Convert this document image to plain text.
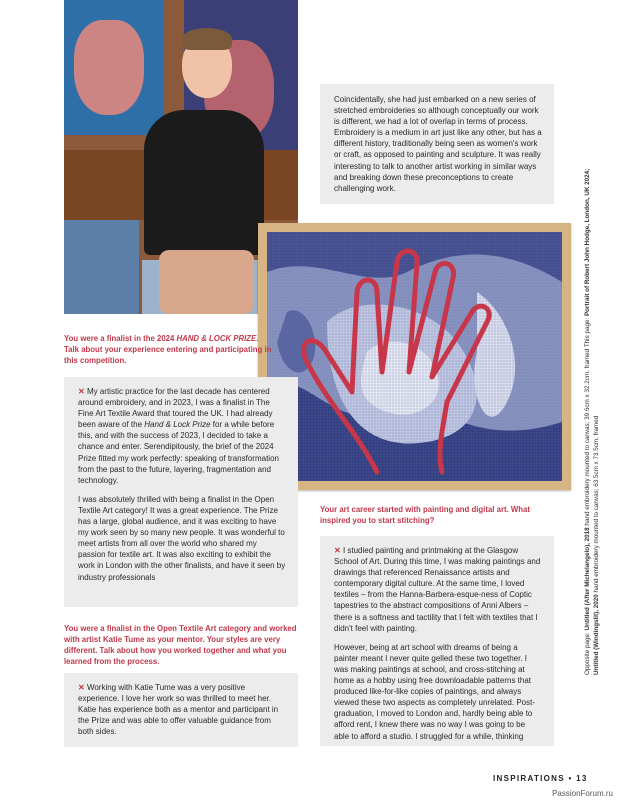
Coincidentally, she had just embarked on a new series of stretched embroideries so although conceptually our work is different, we had a lot of overlap in terms of process. Embroidery is a medium in art just like any other, but has a different history, traditionally being seen as women's work or craft, as opposed to painting and sculpture. It was really interesting to talk to another artist working in similar ways and breaking down these preconceptions to create challenging work.
You were a finalist in the 2024 HAND & LOCK PRIZE. Talk about your experience entering and participating in this competition.

✕ My artistic practice for the last decade has centered around embroidery, and in 2023, I was a finalist in The Fine Art Textile Award that toured the UK. I had already been aware of the Hand & Lock Prize for a while before this, and with the success of 2023, I decided to take a chance and enter. Serendipitously, the brief of the 2024 Prize fitted my work perfectly: speaking of transformation from the past to the future, layering, fragmentation and technology.

I was absolutely thrilled with being a finalist in the Open Textile Art category! It was a great experience. The Prize has a large, global audience, and it was exciting to have my work seen by so many new people. It was wonderful to meet artists from all over the world who shared my passion for textile art. It was also exciting to exhibit the work in London with the other finalists, and have it seen by industry professionals

You were a finalist in the Open Textile Art category and worked with artist Katie Tume as your mentor. Your styles are very different. Talk about how you worked together and what you learned from the process.

✕ Working with Katie Tume was a very positive experience. I love her work so was thrilled to meet her. Katie has experience both as a mentor and participant in the Prize and was able to offer valuable guidance from both sides.

Your art career started with painting and digital art. What inspired you to start stitching?

✕ I studied painting and printmaking at the Glasgow School of Art. During this time, I was making paintings and drawings that referenced Renaissance artists and contemporary digital culture. At the same time, I loved textiles – from the Hanna-Barbera-esque-ness of Coptic tapestries to the abstract compositions of Anni Albers – there is a softness and tactility that I felt with textiles that I didn't feel with painting.

However, being at art school with dreams of being a painter meant I never quite gelled these two together. I was making paintings at school, and cross-stitching at home as a hobby using free downloadable patterns that produced like-for-like copies of paintings, and always viewed these two aspects as completely unrelated. Post-graduation, I moved to London and, hardly being able to afford rent, I knew there was no way I was going to be able to afford a studio. I struggled for a while, thinking

Opposite page: Untitled (After Michelangelo), 2018 hand embroidery mounted to canvas; 39.6cm x 32.2cm, framed This page: Portrait of Robert John Hodge, London, UK 2024;
Untitled (Windingslit), 2020 hand embroidery mounted to canvas; 63.5cm x 73.5cm, framed
INSPIRATIONS • 13
PassionForum.ru
